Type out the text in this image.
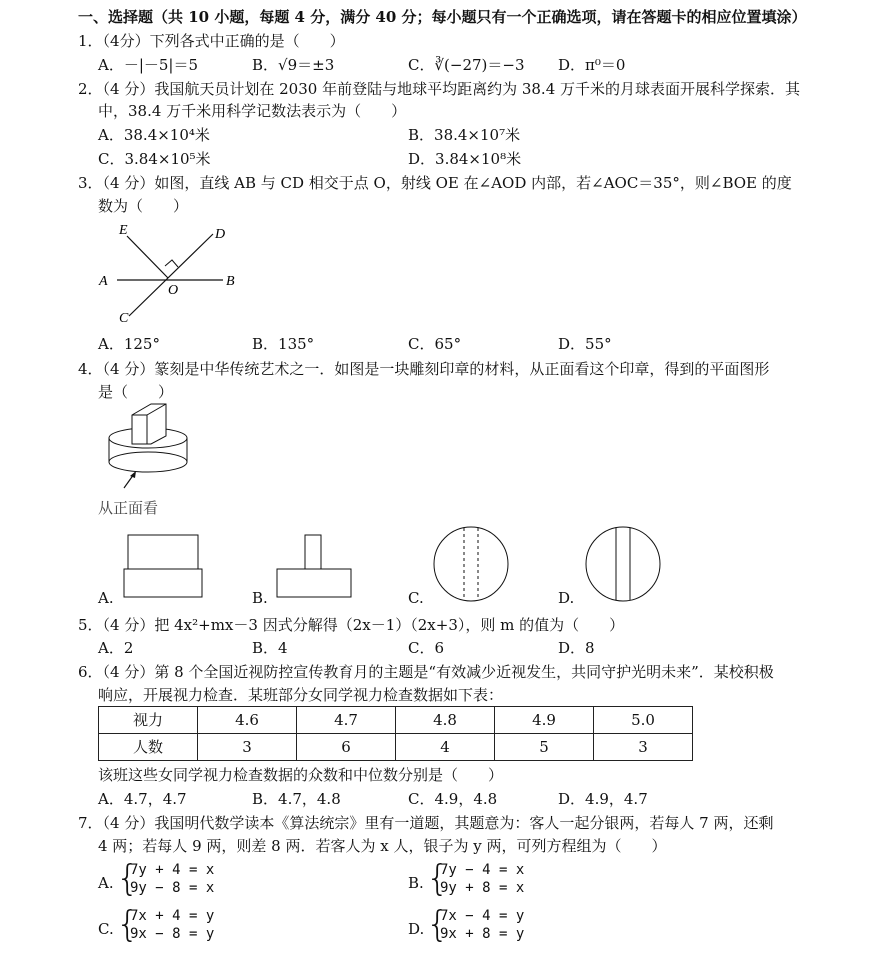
一、选择题（共 10 小题，每题 4 分，满分 40 分；每小题只有一个正确选项，请在答题卡的相应位置填涂）
1．（4分）下列各式中正确的是（　　）
A．－|－5|＝5	C．∛(−27)＝−3
B．√9＝±3	D．π⁰＝0
2．（4 分）我国航天员计划在 2030 年前登陆与地球平均距离约为 38.4 万千米的月球表面开展科学探索．其
中，38.4 万千米用科学记数法表示为（　　）
A．38.4×10⁴米	B．38.4×10⁷米
C．3.84×10⁵米	D．3.84×10⁸米
3．（4 分）如图，直线 AB 与 CD 相交于点 O，射线 OE 在∠AOD 内部，若∠AOC＝35°，则∠BOE 的度
数为（　　）
E	D
A	B
O
C
A．125°	B．135°	C．65°	D．55°
4．（4 分）篆刻是中华传统艺术之一．如图是一块雕刻印章的材料，从正面看这个印章，得到的平面图形
是（　　）
从正面看
A.	B.	C.	D.
5．（4 分）把 4x²+mx－3 因式分解得（2x－1）（2x+3），则 m 的值为（　　）
A．2	B．4	C．6	D．8
6．（4 分）第 8 个全国近视防控宣传教育月的主题是“有效减少近视发生，共同守护光明未来”．某校积极
响应，开展视力检查．某班部分女同学视力检查数据如下表：
视力	4.6	4.7	4.8	4.9	5.0
人数	3	6	4	5	3
该班这些女同学视力检查数据的众数和中位数分别是（　　）
A．4.7，4.7	B．4.7，4.8	C．4.9，4.8	D．4.9，4.7
7．（4 分）我国明代数学读本《算法统宗》里有一道题，其题意为：客人一起分银两，若每人 7 两，还剩
4 两；若每人 9 两，则差 8 两．若客人为 x 人，银子为 y 两，可列方程组为（　　）
A. {
7y + 4 = x
9y − 8 = x	B. {
7y − 4 = x
9y + 8 = x
C. {
7x + 4 = y
9x − 8 = y	D. {
7x − 4 = y
9x + 8 = y
